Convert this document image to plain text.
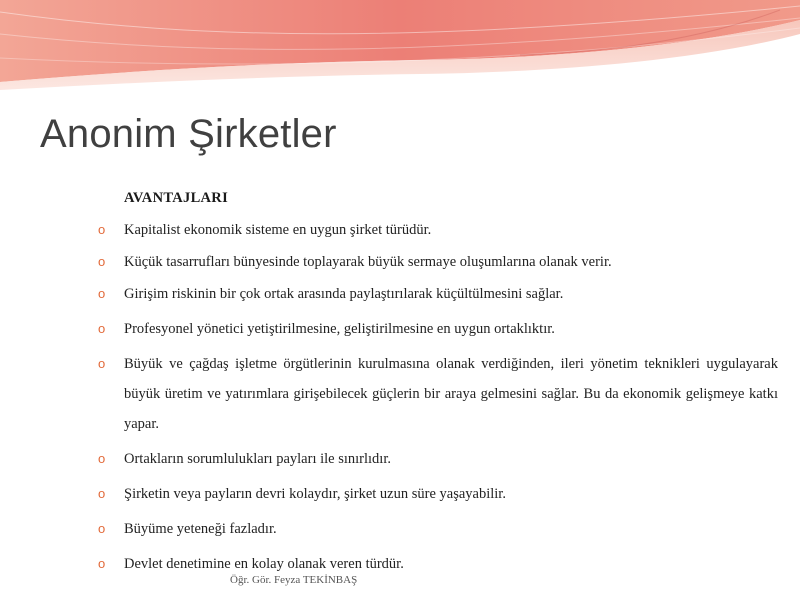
Anonim Şirketler
AVANTAJLARI
o Kapitalist ekonomik sisteme en uygun şirket türüdür.
o Küçük tasarrufları bünyesinde toplayarak büyük sermaye oluşumlarına olanak verir.
o Girişim riskinin bir çok ortak arasında paylaştırılarak küçültülmesini sağlar.
o Profesyonel yönetici yetiştirilmesine, geliştirilmesine en uygun ortaklıktır.
o Büyük ve çağdaş işletme örgütlerinin kurulmasına olanak verdiğinden, ileri yönetim teknikleri uygulayarak büyük üretim ve yatırımlara girişebilecek güçlerin bir araya gelmesini sağlar. Bu da ekonomik gelişmeye katkı yapar.
o Ortakların sorumlulukları payları ile sınırlıdır.
o Şirketin veya payların devri kolaydır, şirket uzun süre yaşayabilir.
o Büyüme yeteneği fazladır.
o Devlet denetimine en kolay olanak veren türdür.
Öğr. Gör. Feyza TEKİNBAŞ
